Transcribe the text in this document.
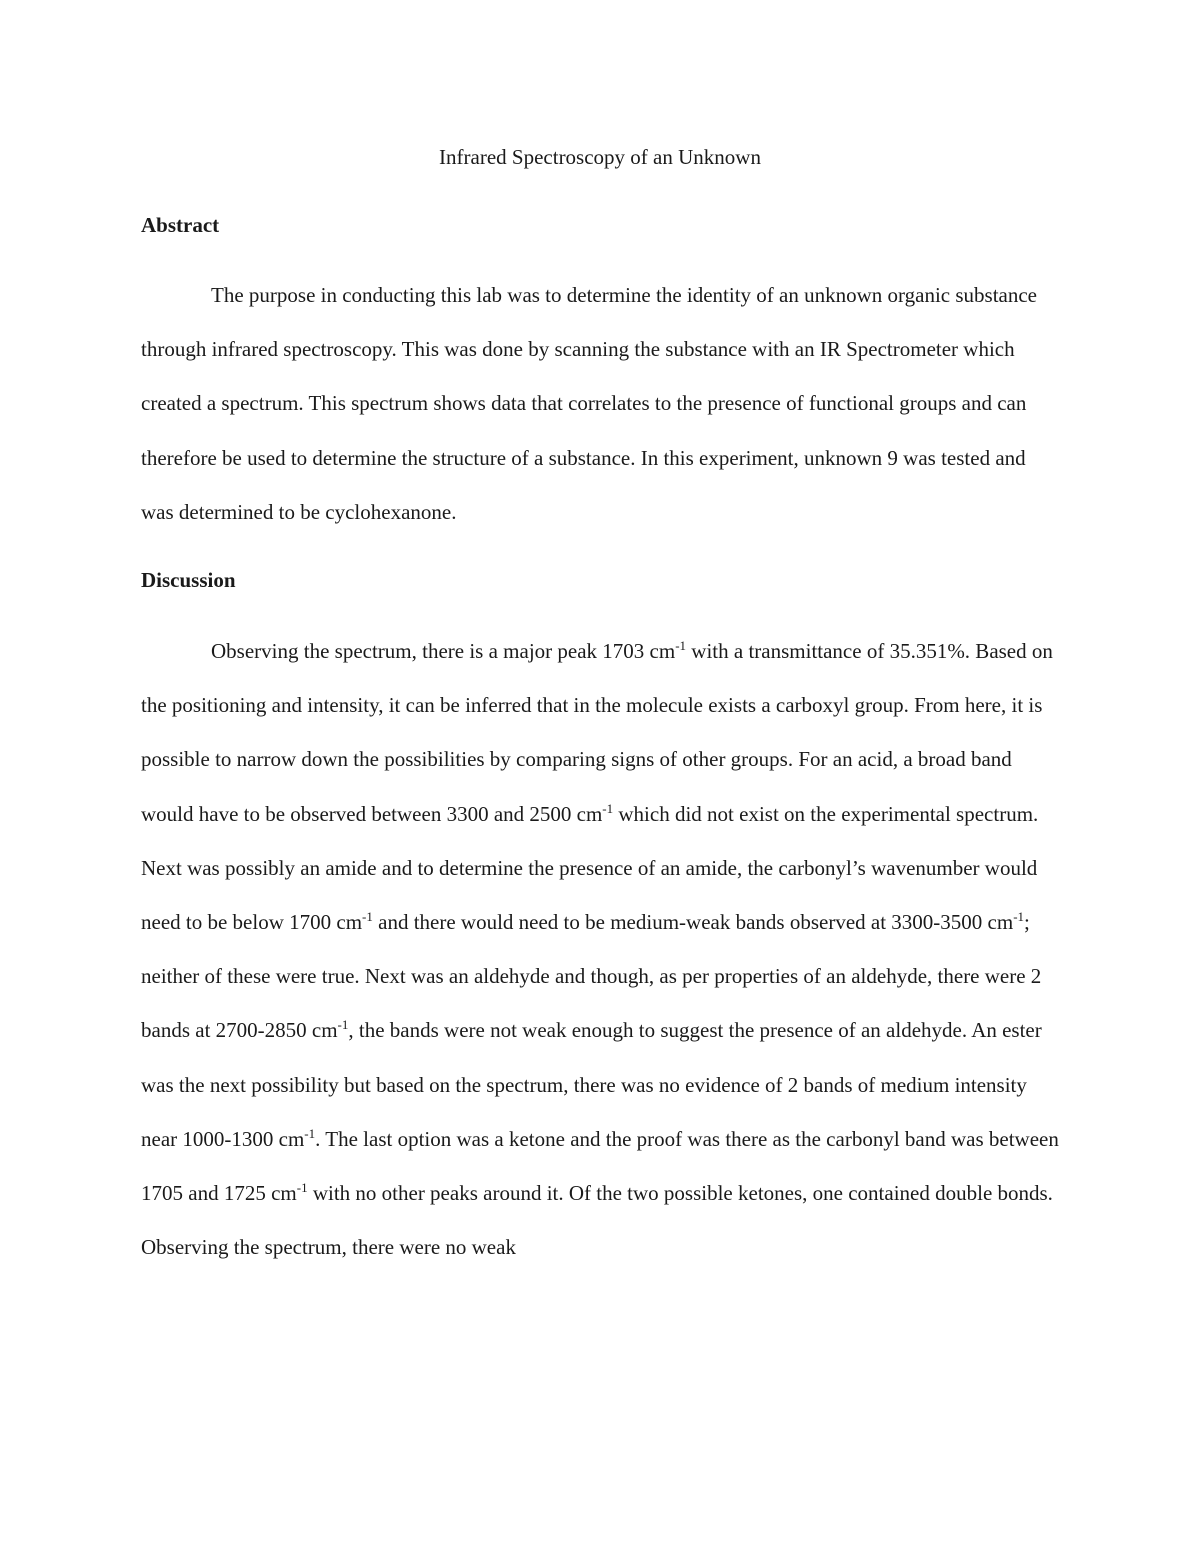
Infrared Spectroscopy of an Unknown
Abstract

The purpose in conducting this lab was to determine the identity of an unknown organic substance through infrared spectroscopy. This was done by scanning the substance with an IR Spectrometer which created a spectrum. This spectrum shows data that correlates to the presence of functional groups and can therefore be used to determine the structure of a substance. In this experiment, unknown 9 was tested and was determined to be cyclohexanone.

Discussion

Observing the spectrum, there is a major peak 1703 $cm^{-1}$ with a transmittance of 35.351%. Based on the positioning and intensity, it can be inferred that in the molecule exists a carboxyl group. From here, it is possible to narrow down the possibilities by comparing signs of other groups. For an acid, a broad band would have to be observed between 3300 and 2500 $cm^{-1}$ which did not exist on the experimental spectrum. Next was possibly an amide and to determine the presence of an amide, the carbonyl’s wavenumber would need to be below 1700 $cm^{-1}$ and there would need to be medium-weak bands observed at 3300-3500 $cm^{-1}$; neither of these were true. Next was an aldehyde and though, as per properties of an aldehyde, there were 2 bands at 2700-2850 $cm^{-1}$, the bands were not weak enough to suggest the presence of an aldehyde. An ester was the next possibility but based on the spectrum, there was no evidence of 2 bands of medium intensity near 1000-1300 $cm^{-1}$. The last option was a ketone and the proof was there as the carbonyl band was between 1705 and 1725 $cm^{-1}$ with no other peaks around it. Of the two possible ketones, one contained double bonds. Observing the spectrum, there were no weak
